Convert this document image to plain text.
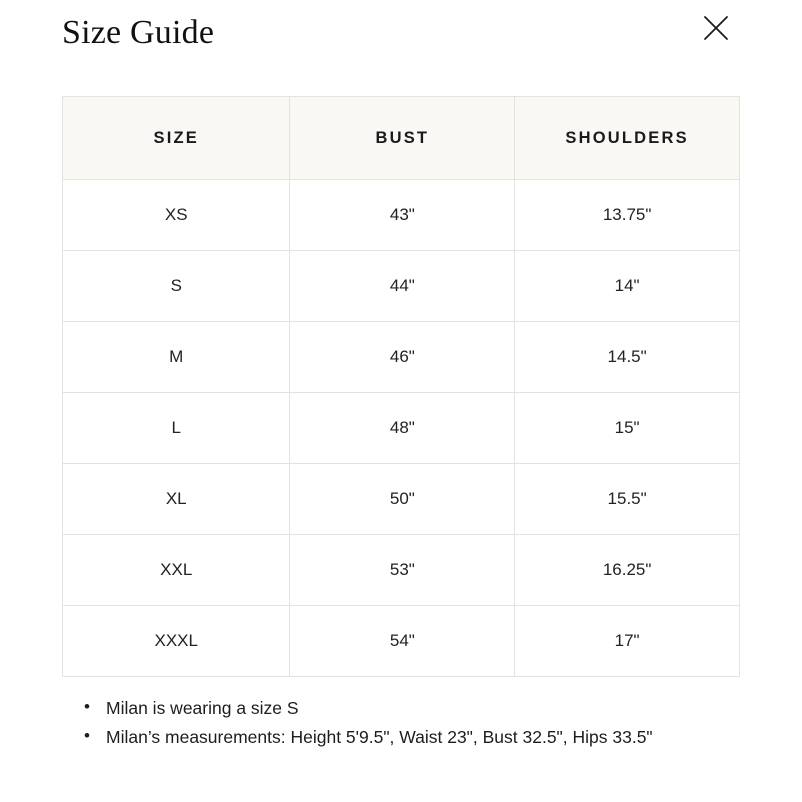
Size Guide
SIZE	BUST	SHOULDERS
XS	43"	13.75"
S	44"	14"
M	46"	14.5"
L	48"	15"
XL	50"	15.5"
XXL	53"	16.25"
XXXL	54"	17"
• Milan is wearing a size S
• Milan’s measurements: Height 5'9.5", Waist 23", Bust 32.5", Hips 33.5"
